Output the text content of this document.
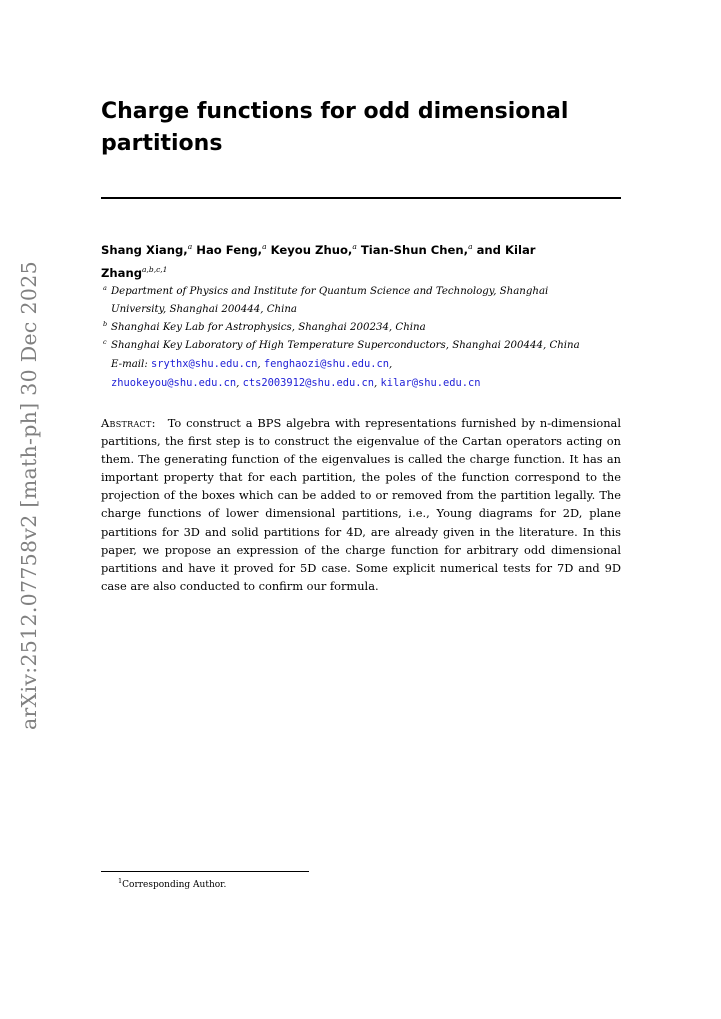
arXiv:2512.07758v2 [math-ph] 30 Dec 2025
Charge functions for odd dimensional
partitions
Shang Xiang,$^a$ Hao Feng,$^a$ Keyou Zhuo,$^a$ Tian-Shun Chen,$^a$ and Kilar
Zhang$^{a,b,c,1}$
a Department of Physics and Institute for Quantum Science and Technology, Shanghai
University, Shanghai 200444, China
b Shanghai Key Lab for Astrophysics, Shanghai 200234, China
c Shanghai Key Laboratory of High Temperature Superconductors, Shanghai 200444, China
E-mail: srythx@shu.edu.cn, fenghaozi@shu.edu.cn,
zhuokeyou@shu.edu.cn, cts2003912@shu.edu.cn, kilar@shu.edu.cn

Abstract: To construct a BPS algebra with representations furnished by n-dimensional partitions, the first step is to construct the eigenvalue of the Cartan operators acting on them. The generating function of the eigenvalues is called the charge function. It has an important property that for each partition, the poles of the function correspond to the projection of the boxes which can be added to or removed from the partition legally. The charge functions of lower dimensional partitions, i.e., Young diagrams for 2D, plane partitions for 3D and solid partitions for 4D, are already given in the literature. In this paper, we propose an expression of the charge function for arbitrary odd dimensional partitions and have it proved for 5D case. Some explicit numerical tests for 7D and 9D case are also conducted to confirm our formula.

$^1$Corresponding Author.
